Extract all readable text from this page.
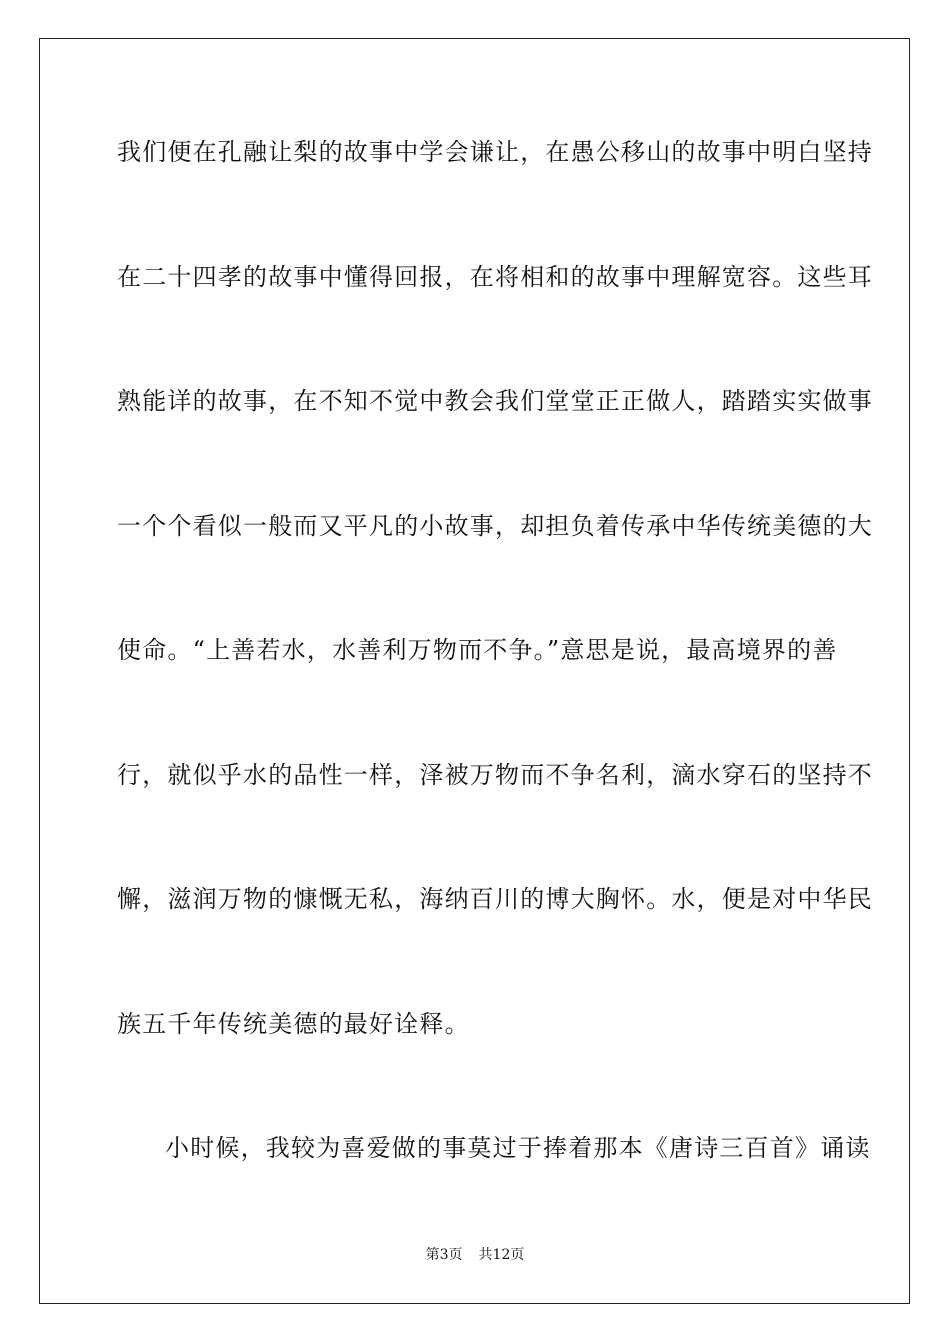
我们便在孔融让梨的故事中学会谦让，在愚公移山的故事中明白坚持
在二十四孝的故事中懂得回报，在将相和的故事中理解宽容。这些耳
熟能详的故事，在不知不觉中教会我们堂堂正正做人，踏踏实实做事
一个个看似一般而又平凡的小故事，却担负着传承中华传统美德的大
使命。“上善若水，水善利万物而不争。”意思是说，最高境界的善
行，就似乎水的品性一样，泽被万物而不争名利，滴水穿石的坚持不
懈，滋润万物的慷慨无私，海纳百川的博大胸怀。水，便是对中华民
族五千年传统美德的最好诠释。
小时候，我较为喜爱做的事莫过于捧着那本《唐诗三百首》诵读
第3页 共12页
